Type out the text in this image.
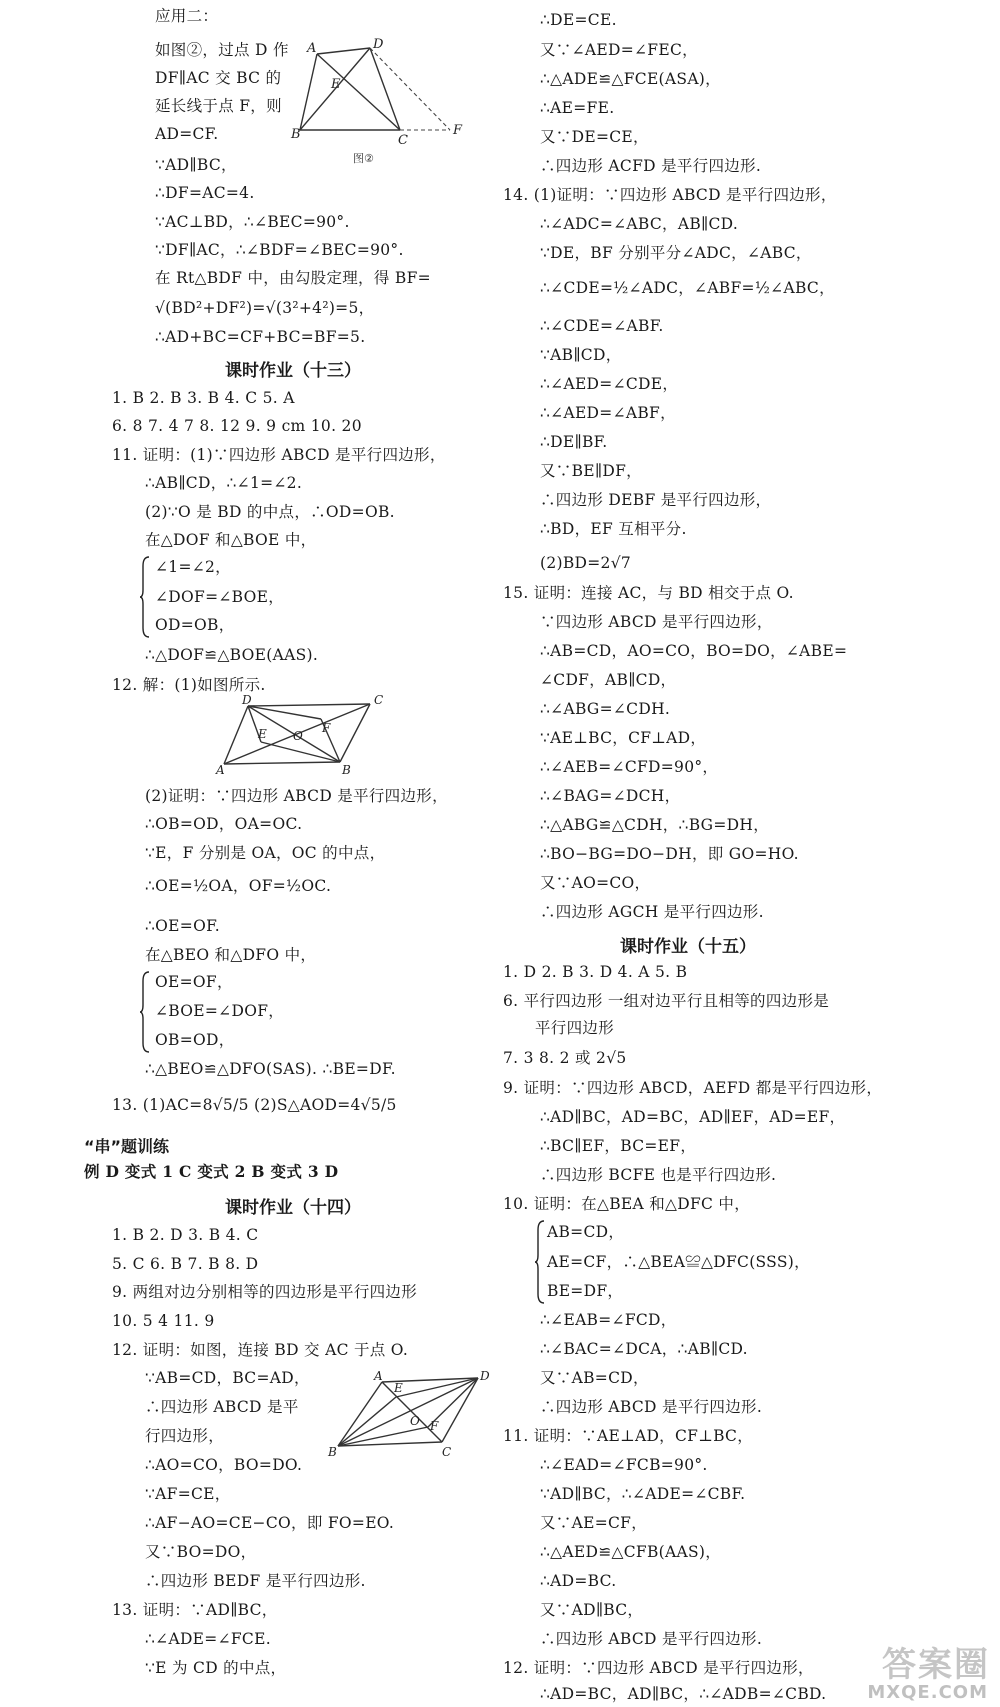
应用二：
如图②，过点 D 作
DF∥AC 交 BC 的
延长线于点 F，则
AD=CF.
∵AD∥BC，
∴DF=AC=4.
∵AC⊥BD，∴∠BEC=90°.
∵DF∥AC，∴∠BDF=∠BEC=90°.
在 Rt△BDF 中，由勾股定理，得 BF=
√(BD²+DF²)=√(3²+4²)=5，
∴AD+BC=CF+BC=BF=5.
课时作业（十三）
1. B 2. B 3. B 4. C 5. A
6. 8 7. 4 7 8. 12 9. 9 cm 10. 20
11. 证明：(1)∵四边形 ABCD 是平行四边形，
∴AB∥CD，∴∠1=∠2.
(2)∵O 是 BD 的中点，∴OD=OB.
在△DOF 和△BOE 中，
∠1=∠2，
∠DOF=∠BOE，
OD=OB，
∴△DOF≌△BOE(AAS).
12. 解：(1)如图所示.
(2)证明：∵四边形 ABCD 是平行四边形，
∴OB=OD，OA=OC.
∵E，F 分别是 OA，OC 的中点，
∴OE=½OA，OF=½OC.
∴OE=OF.
在△BEO 和△DFO 中，
OE=OF，
∠BOE=∠DOF，
OB=OD，
∴△BEO≌△DFO(SAS). ∴BE=DF.
13. (1)AC=8√5/5 (2)S△AOD=4√5/5
“串”题训练
例 D 变式 1 C 变式 2 B 变式 3 D
课时作业（十四）
1. B 2. D 3. B 4. C
5. C 6. B 7. B 8. D
9. 两组对边分别相等的四边形是平行四边形
10. 5 4 11. 9
12. 证明：如图，连接 BD 交 AC 于点 O.
∵AB=CD，BC=AD，
∴四边形 ABCD 是平
行四边形，
∴AO=CO，BO=DO.
∵AF=CE，
∴AF−AO=CE−CO，即 FO=EO.
又∵BO=DO，
∴四边形 BEDF 是平行四边形.
13. 证明：∵AD∥BC，
∴∠ADE=∠FCE.
∵E 为 CD 的中点，
A	D
E
B	C
F
图②
D	C
E O
F
A	B
A	D
E
O F
B	C
∴DE=CE.
又∵∠AED=∠FEC，
∴△ADE≌△FCE(ASA)，
∴AE=FE.
又∵DE=CE，
∴四边形 ACFD 是平行四边形.
14. (1)证明：∵四边形 ABCD 是平行四边形，
∴∠ADC=∠ABC，AB∥CD.
∵DE，BF 分别平分∠ADC，∠ABC，
∴∠CDE=½∠ADC，∠ABF=½∠ABC，
∴∠CDE=∠ABF.
∵AB∥CD，
∴∠AED=∠CDE，
∴∠AED=∠ABF，
∴DE∥BF.
又∵BE∥DF，
∴四边形 DEBF 是平行四边形，
∴BD，EF 互相平分.
(2)BD=2√7
15. 证明：连接 AC，与 BD 相交于点 O.
∵四边形 ABCD 是平行四边形，
∴AB=CD，AO=CO，BO=DO，∠ABE=
∠CDF，AB∥CD，
∴∠ABG=∠CDH.
∵AE⊥BC，CF⊥AD，
∴∠AEB=∠CFD=90°，
∴∠BAG=∠DCH，
∴△ABG≌△CDH，∴BG=DH，
∴BO−BG=DO−DH，即 GO=HO.
又∵AO=CO，
∴四边形 AGCH 是平行四边形.
课时作业（十五）
1. D 2. B 3. D 4. A 5. B
6. 平行四边形 一组对边平行且相等的四边形是
平行四边形
7. 3 8. 2 或 2√5
9. 证明：∵四边形 ABCD，AEFD 都是平行四边形，
∴AD∥BC，AD=BC，AD∥EF，AD=EF，
∴BC∥EF，BC=EF，
∴四边形 BCFE 也是平行四边形.
10. 证明：在△BEA 和△DFC 中，
AB=CD，
AE=CF，∴△BEA≌△DFC(SSS)，
BE=DF，
∴∠EAB=∠FCD，
∴∠BAC=∠DCA，∴AB∥CD.
又∵AB=CD，
∴四边形 ABCD 是平行四边形.
11. 证明：∵AE⊥AD，CF⊥BC，
∴∠EAD=∠FCB=90°.
∵AD∥BC，∴∠ADE=∠CBF.
又∵AE=CF，
∴△AED≌△CFB(AAS)，
∴AD=BC.
又∵AD∥BC，
∴四边形 ABCD 是平行四边形.
12. 证明：∵四边形 ABCD 是平行四边形，
∴AD=BC，AD∥BC，∴∠ADB=∠CBD.
答案圈
MXQE.COM
